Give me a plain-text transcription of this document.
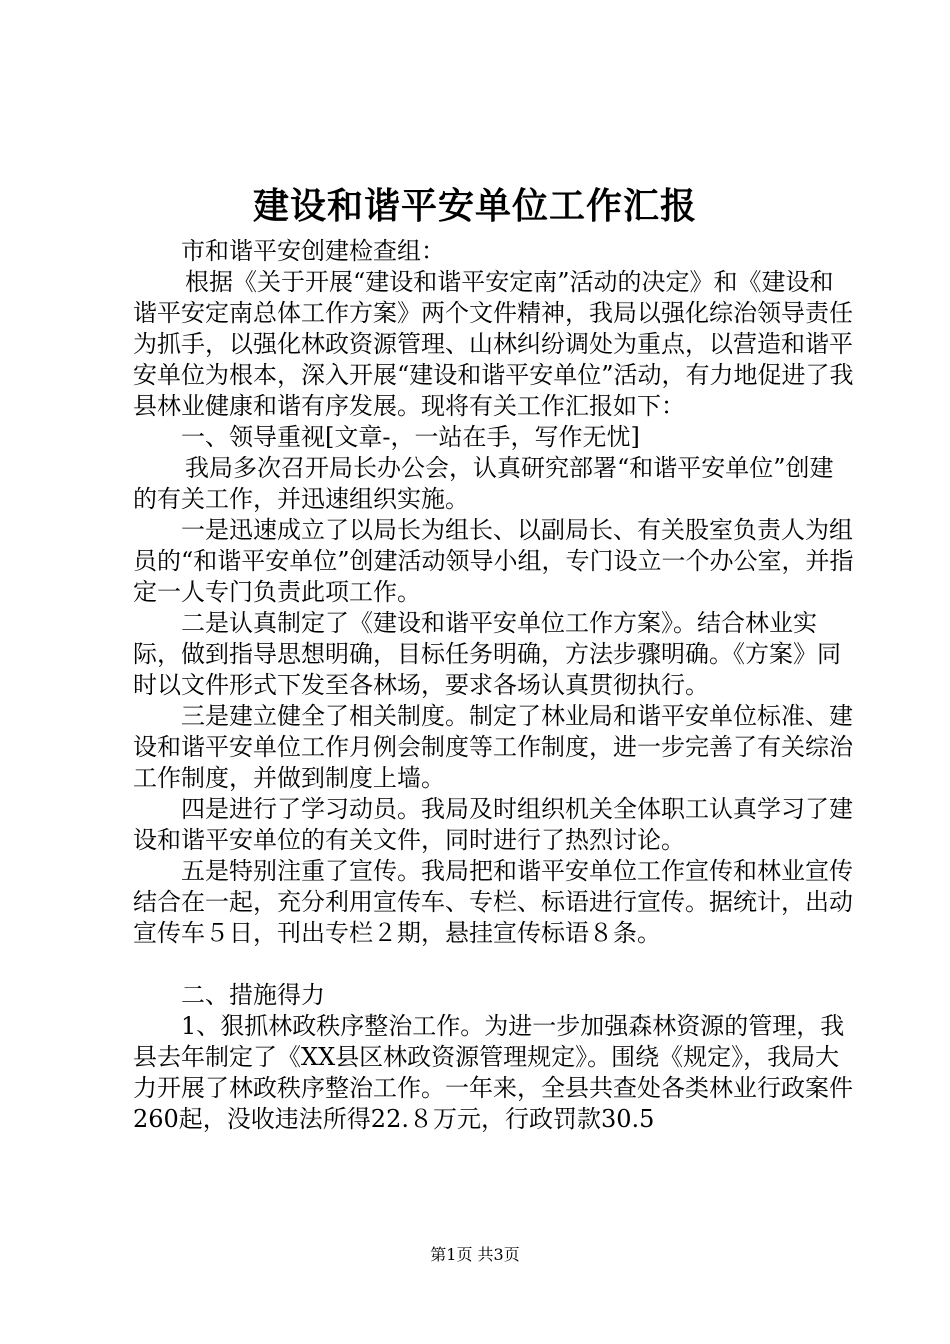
建设和谐平安单位工作汇报

市和谐平安创建检查组：

根据《关于开展“建设和谐平安定南”活动的决定》和《建设和谐平安定南总体工作方案》两个文件精神，我局以强化综治领导责任为抓手，以强化林政资源管理、山林纠纷调处为重点，以营造和谐平安单位为根本，深入开展“建设和谐平安单位”活动，有力地促进了我县林业健康和谐有序发展。现将有关工作汇报如下：

一、领导重视[文章-，一站在手，写作无忧]

我局多次召开局长办公会，认真研究部署“和谐平安单位”创建的有关工作，并迅速组织实施。

一是迅速成立了以局长为组长、以副局长、有关股室负责人为组员的“和谐平安单位”创建活动领导小组，专门设立一个办公室，并指定一人专门负责此项工作。

二是认真制定了《建设和谐平安单位工作方案》。结合林业实际，做到指导思想明确，目标任务明确，方法步骤明确。《方案》同时以文件形式下发至各林场，要求各场认真贯彻执行。

三是建立健全了相关制度。制定了林业局和谐平安单位标准、建设和谐平安单位工作月例会制度等工作制度，进一步完善了有关综治工作制度，并做到制度上墙。

四是进行了学习动员。我局及时组织机关全体职工认真学习了建设和谐平安单位的有关文件，同时进行了热烈讨论。

五是特别注重了宣传。我局把和谐平安单位工作宣传和林业宣传结合在一起，充分利用宣传车、专栏、标语进行宣传。据统计，出动宣传车５日，刊出专栏２期，悬挂宣传标语８条。

二、措施得力

1、狠抓林政秩序整治工作。为进一步加强森林资源的管理，我县去年制定了《XX县区林政资源管理规定》。围绕《规定》，我局大力开展了林政秩序整治工作。一年来，全县共查处各类林业行政案件260起，没收违法所得22.８万元，行政罚款30.5

第1页 共3页
